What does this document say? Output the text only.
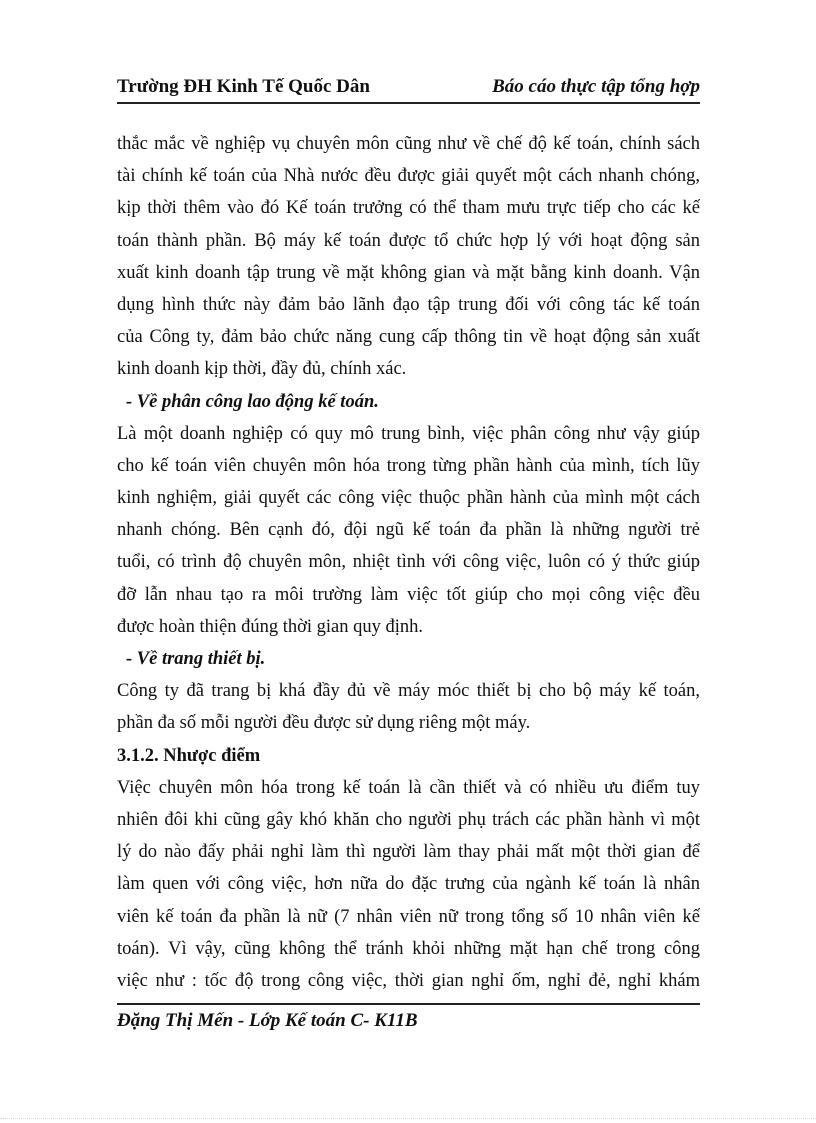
Trường ĐH Kinh Tế Quốc Dân	Báo cáo thực tập tổng hợp
thắc mắc về nghiệp vụ chuyên môn cũng như về chế độ kế toán, chính sách
tài chính kế toán của Nhà nước đều được giải quyết một cách nhanh chóng,
kịp thời thêm vào đó Kế toán trưởng có thể tham mưu trực tiếp cho các kế
toán thành phần. Bộ máy kế toán được tổ chức hợp lý với hoạt động sản
xuất kinh doanh tập trung về mặt không gian và mặt bằng kinh doanh. Vận
dụng hình thức này đảm bảo lãnh đạo tập trung đối với công tác kế toán
của Công ty, đảm bảo chức năng cung cấp thông tin về hoạt động sản xuất
kinh doanh kịp thời, đầy đủ, chính xác.
- Về phân công lao động kế toán.
Là một doanh nghiệp có quy mô trung bình, việc phân công như vậy giúp
cho kế toán viên chuyên môn hóa trong từng phần hành của mình, tích lũy
kinh nghiệm, giải quyết các công việc thuộc phần hành của mình một cách
nhanh chóng. Bên cạnh đó, đội ngũ kế toán đa phần là những người trẻ
tuổi, có trình độ chuyên môn, nhiệt tình với công việc, luôn có ý thức giúp
đỡ lẫn nhau tạo ra môi trường làm việc tốt giúp cho mọi công việc đều
được hoàn thiện đúng thời gian quy định.
- Về trang thiết bị.
Công ty đã trang bị khá đầy đủ về máy móc thiết bị cho bộ máy kế toán,
phần đa số mỗi người đều được sử dụng riêng một máy.
3.1.2. Nhược điểm
Việc chuyên môn hóa trong kế toán là cần thiết và có nhiều ưu điểm tuy
nhiên đôi khi cũng gây khó khăn cho người phụ trách các phần hành vì một
lý do nào đấy phải nghỉ làm thì người làm thay phải mất một thời gian để
làm quen với công việc, hơn nữa do đặc trưng của ngành kế toán là nhân
viên kế toán đa phần là nữ (7 nhân viên nữ trong tổng số 10 nhân viên kế
toán). Vì vậy, cũng không thể tránh khỏi những mặt hạn chế trong công
việc như : tốc độ trong công việc, thời gian nghỉ ốm, nghỉ đẻ, nghỉ khám
Đặng Thị Mến - Lớp Kế toán C- K11B
